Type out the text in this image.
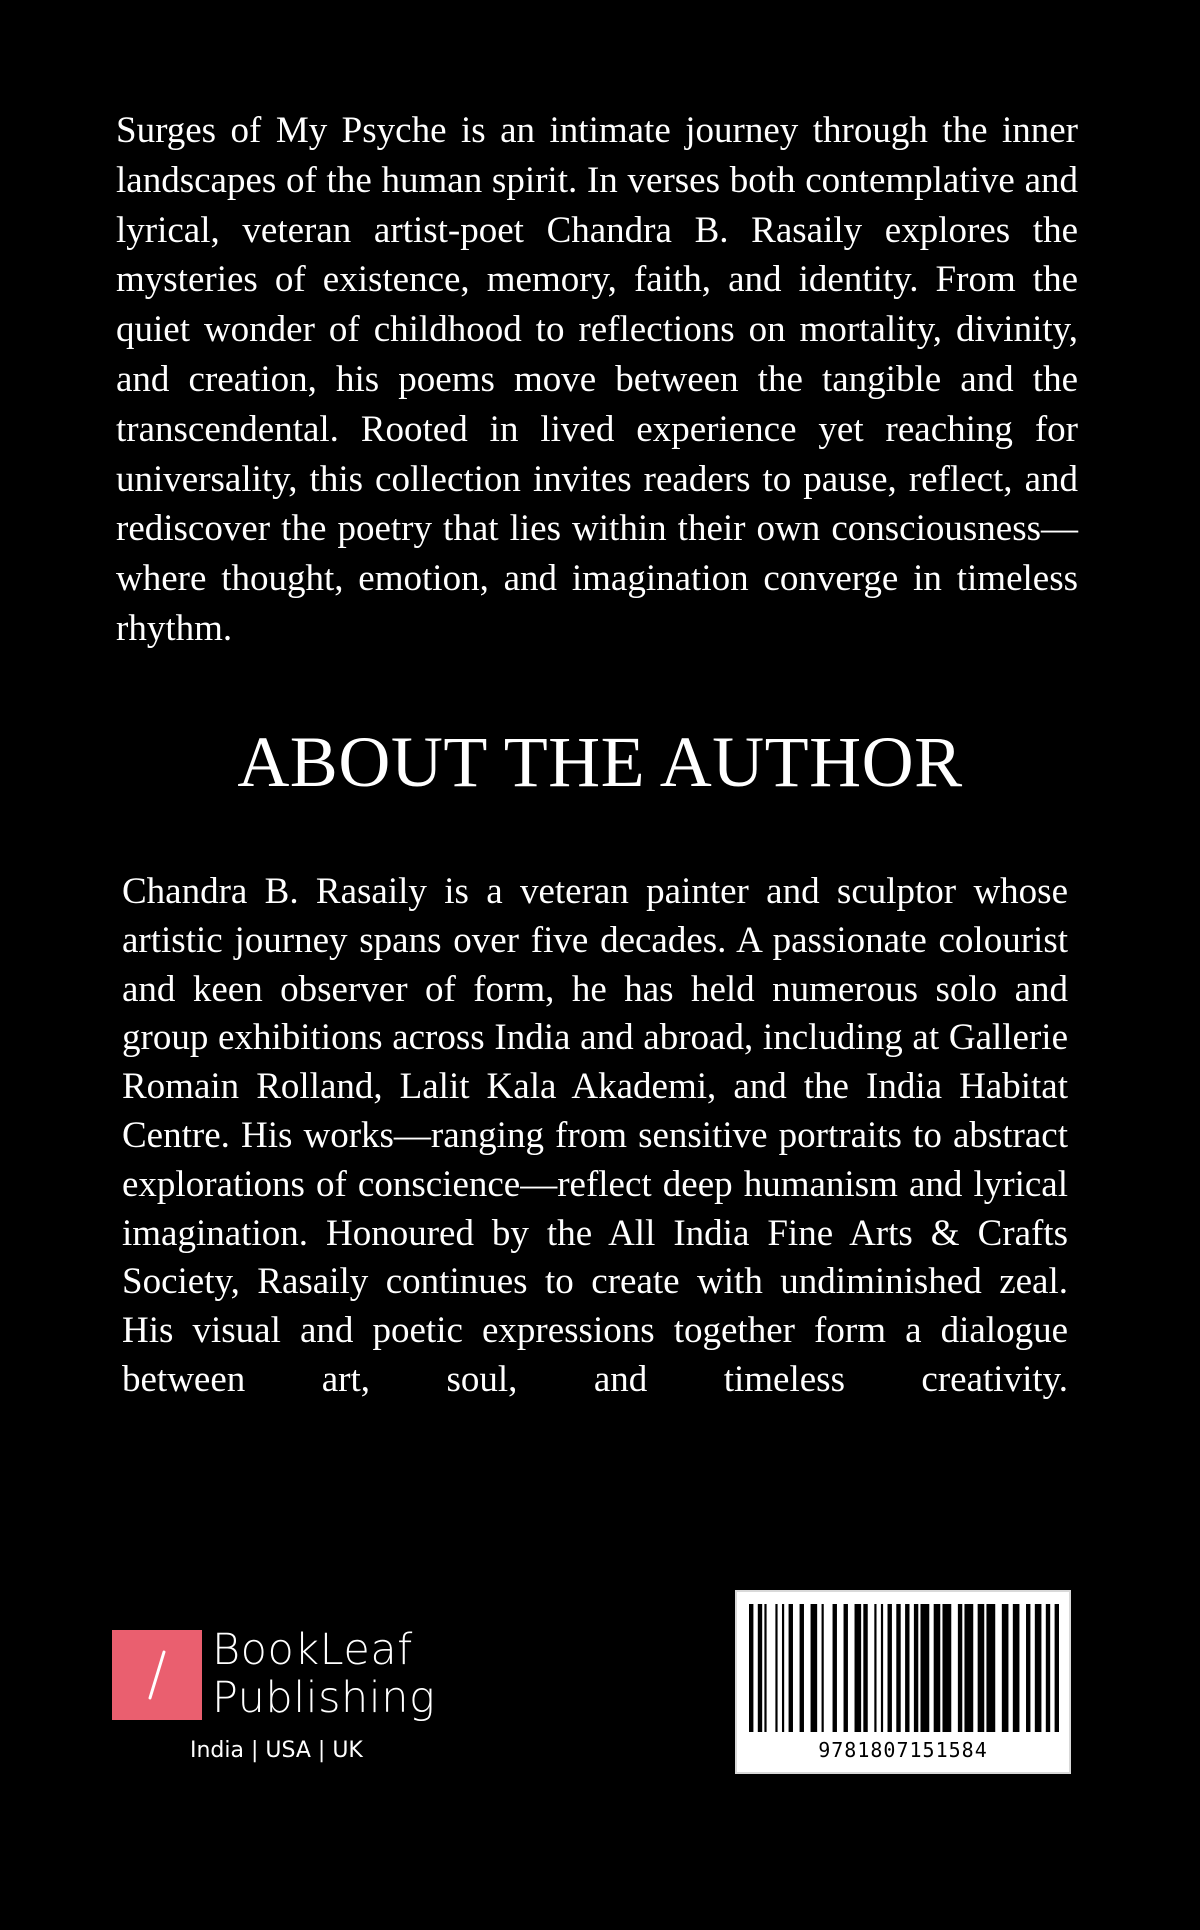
Surges of My Psyche is an intimate journey through the inner landscapes of the human spirit. In verses both contemplative and lyrical, veteran artist-poet Chandra B. Rasaily explores the mysteries of existence, memory, faith, and identity. From the quiet wonder of childhood to reflections on mortality, divinity, and creation, his poems move between the tangible and the transcendental. Rooted in lived experience yet reaching for universality, this collection invites readers to pause, reflect, and rediscover the poetry that lies within their own consciousness—where thought, emotion, and imagination converge in timeless rhythm.
ABOUT THE AUTHOR
Chandra B. Rasaily is a veteran painter and sculptor whose artistic journey spans over five decades. A passionate colourist and keen observer of form, he has held numerous solo and group exhibitions across India and abroad, including at Gallerie Romain Rolland, Lalit Kala Akademi, and the India Habitat Centre. His works—ranging from sensitive portraits to abstract explorations of conscience—reflect deep humanism and lyrical imagination. Honoured by the All India Fine Arts & Crafts Society, Rasaily continues to create with undiminished zeal. His visual and poetic expressions together form a dialogue between art, soul, and timeless creativity.
BookLeaf
Publishing
India | USA | UK	9781807151584
